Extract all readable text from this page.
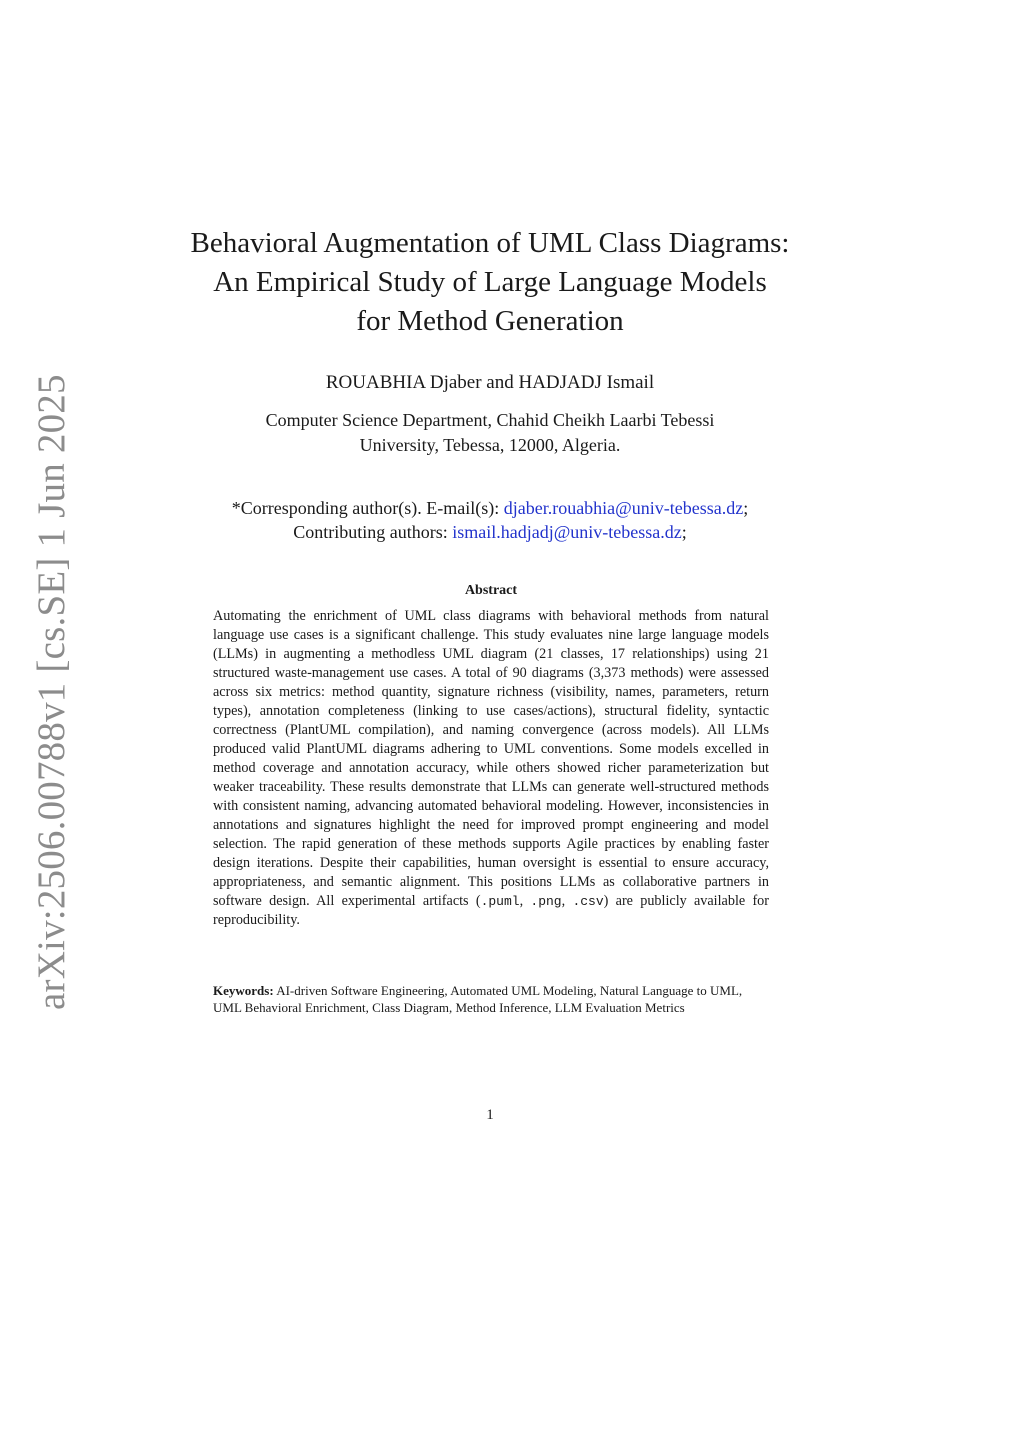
arXiv:2506.00788v1 [cs.SE] 1 Jun 2025
Behavioral Augmentation of UML Class Diagrams:
An Empirical Study of Large Language Models
for Method Generation
ROUABHIA Djaber and HADJADJ Ismail
Computer Science Department, Chahid Cheikh Laarbi Tebessi
University, Tebessa, 12000, Algeria.
*Corresponding author(s). E-mail(s): djaber.rouabhia@univ-tebessa.dz;
Contributing authors: ismail.hadjadj@univ-tebessa.dz;
Abstract

Automating the enrichment of UML class diagrams with behavioral methods from natural language use cases is a significant challenge. This study evaluates nine large language models (LLMs) in augmenting a methodless UML diagram (21 classes, 17 relationships) using 21 structured waste-management use cases. A total of 90 diagrams (3,373 methods) were assessed across six metrics: method quantity, signature richness (visibility, names, parameters, return types), annotation completeness (linking to use cases/actions), structural fidelity, syntactic correctness (PlantUML compilation), and naming convergence (across models). All LLMs produced valid PlantUML diagrams adhering to UML conventions. Some models excelled in method coverage and annotation accuracy, while others showed richer parameterization but weaker traceability. These results demonstrate that LLMs can generate well-structured methods with consistent naming, advancing automated behavioral modeling. However, inconsistencies in annotations and signatures highlight the need for improved prompt engineering and model selection. The rapid generation of these methods supports Agile practices by enabling faster design iterations. Despite their capabilities, human oversight is essential to ensure accuracy, appropriateness, and semantic alignment. This positions LLMs as collaborative partners in software design. All experimental artifacts (.puml, .png, .csv) are publicly available for reproducibility.

Keywords: AI-driven Software Engineering, Automated UML Modeling, Natural Language to UML, UML Behavioral Enrichment, Class Diagram, Method Inference, LLM Evaluation Metrics

1
